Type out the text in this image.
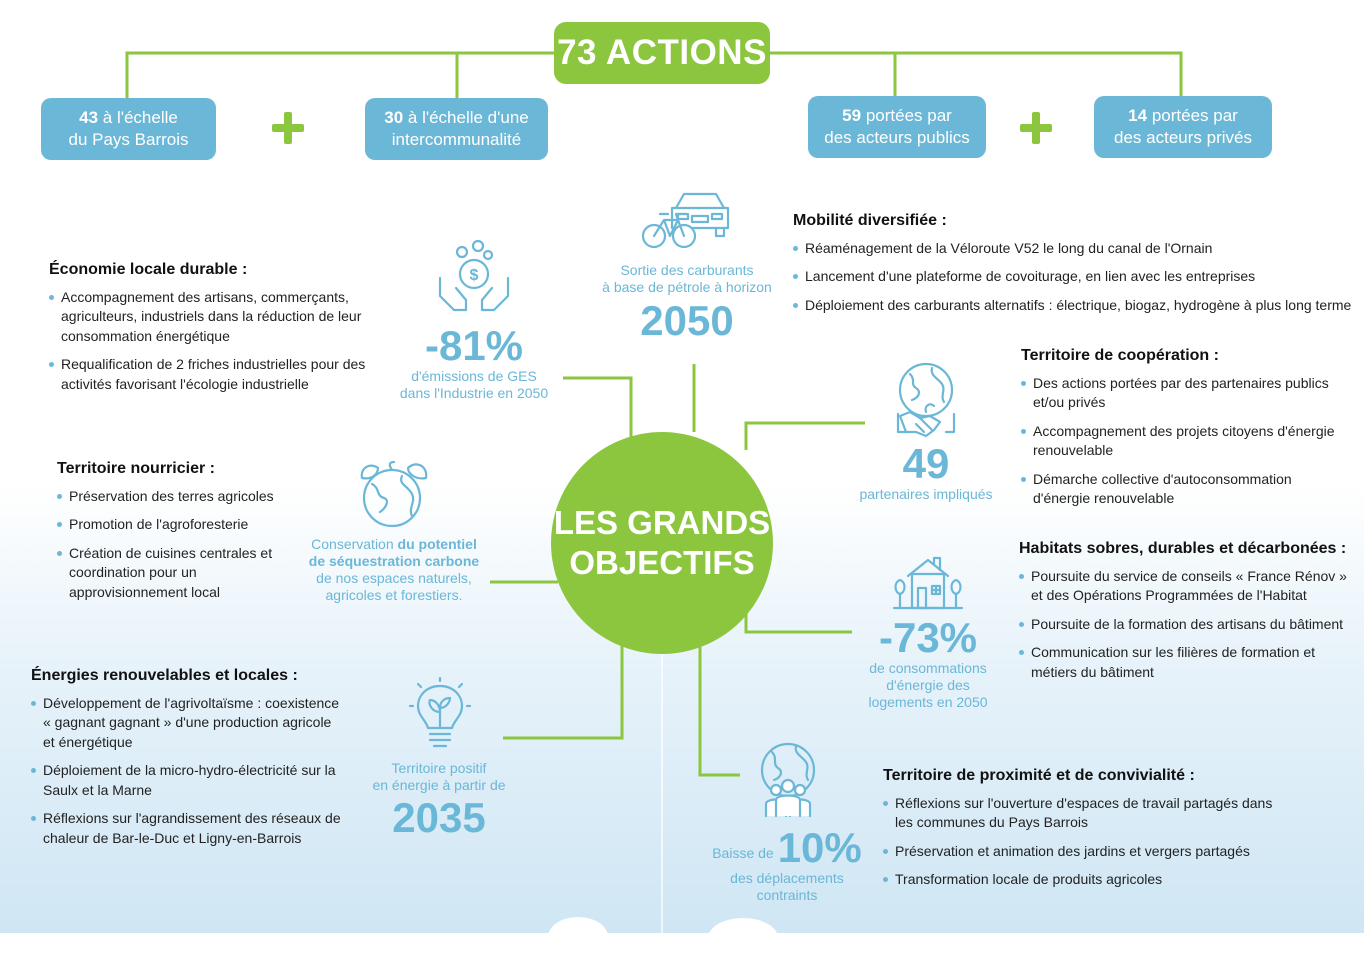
73 ACTIONS
43 à l'échelle
du Pays Barrois
30 à l'échelle d'une
intercommunalité
59 portées par
des acteurs publics
14 portées par
des acteurs privés
LES GRANDS
OBJECTIFS
$
-81%
d'émissions de GES
dans l'Industrie en 2050
Sortie des carburants
à base de pétrole à horizon
2050
49
partenaires impliqués
Conservation du potentiel
de séquestration carbone
de nos espaces naturels,
agricoles et forestiers.
-73%
de consommations
d'énergie des
logements en 2050
Territoire positif
en énergie à partir de
2035
Baisse de 10%
des déplacements
contraints
Économie locale durable :
Accompagnement des artisans, commerçants, agriculteurs, industriels dans la réduction de leur consommation énergétique
Requalification de 2 friches industrielles pour des activités favorisant l'écologie industrielle
Mobilité diversifiée :
Réaménagement de la Véloroute V52 le long du canal de l'Ornain
Lancement d'une plateforme de covoiturage, en lien avec les entreprises
Déploiement des carburants alternatifs : électrique, biogaz, hydrogène à plus long terme
Territoire de coopération :
Des actions portées par des partenaires publics et/ou privés
Accompagnement des projets citoyens d'énergie renouvelable
Démarche collective d'autoconsommation d'énergie renouvelable
Territoire nourricier :
Préservation des terres agricoles
Promotion de l'agroforesterie
Création de cuisines centrales et coordination pour un approvisionnement local
Habitats sobres, durables et décarbonées :
Poursuite du service de conseils « France Rénov » et des Opérations Programmées de l'Habitat
Poursuite de la formation des artisans du bâtiment
Communication sur les filières de formation et métiers du bâtiment
Énergies renouvelables et locales :
Développement de l'agrivoltaïsme : coexistence « gagnant gagnant » d'une production agricole et énergétique
Déploiement de la micro-hydro-électricité sur la Saulx et la Marne
Réflexions sur l'agrandissement des réseaux de chaleur de Bar-le-Duc et Ligny-en-Barrois
Territoire de proximité et de convivialité :
Réflexions sur l'ouverture d'espaces de travail partagés dans les communes du Pays Barrois
Préservation et animation des jardins et vergers partagés
Transformation locale de produits agricoles
